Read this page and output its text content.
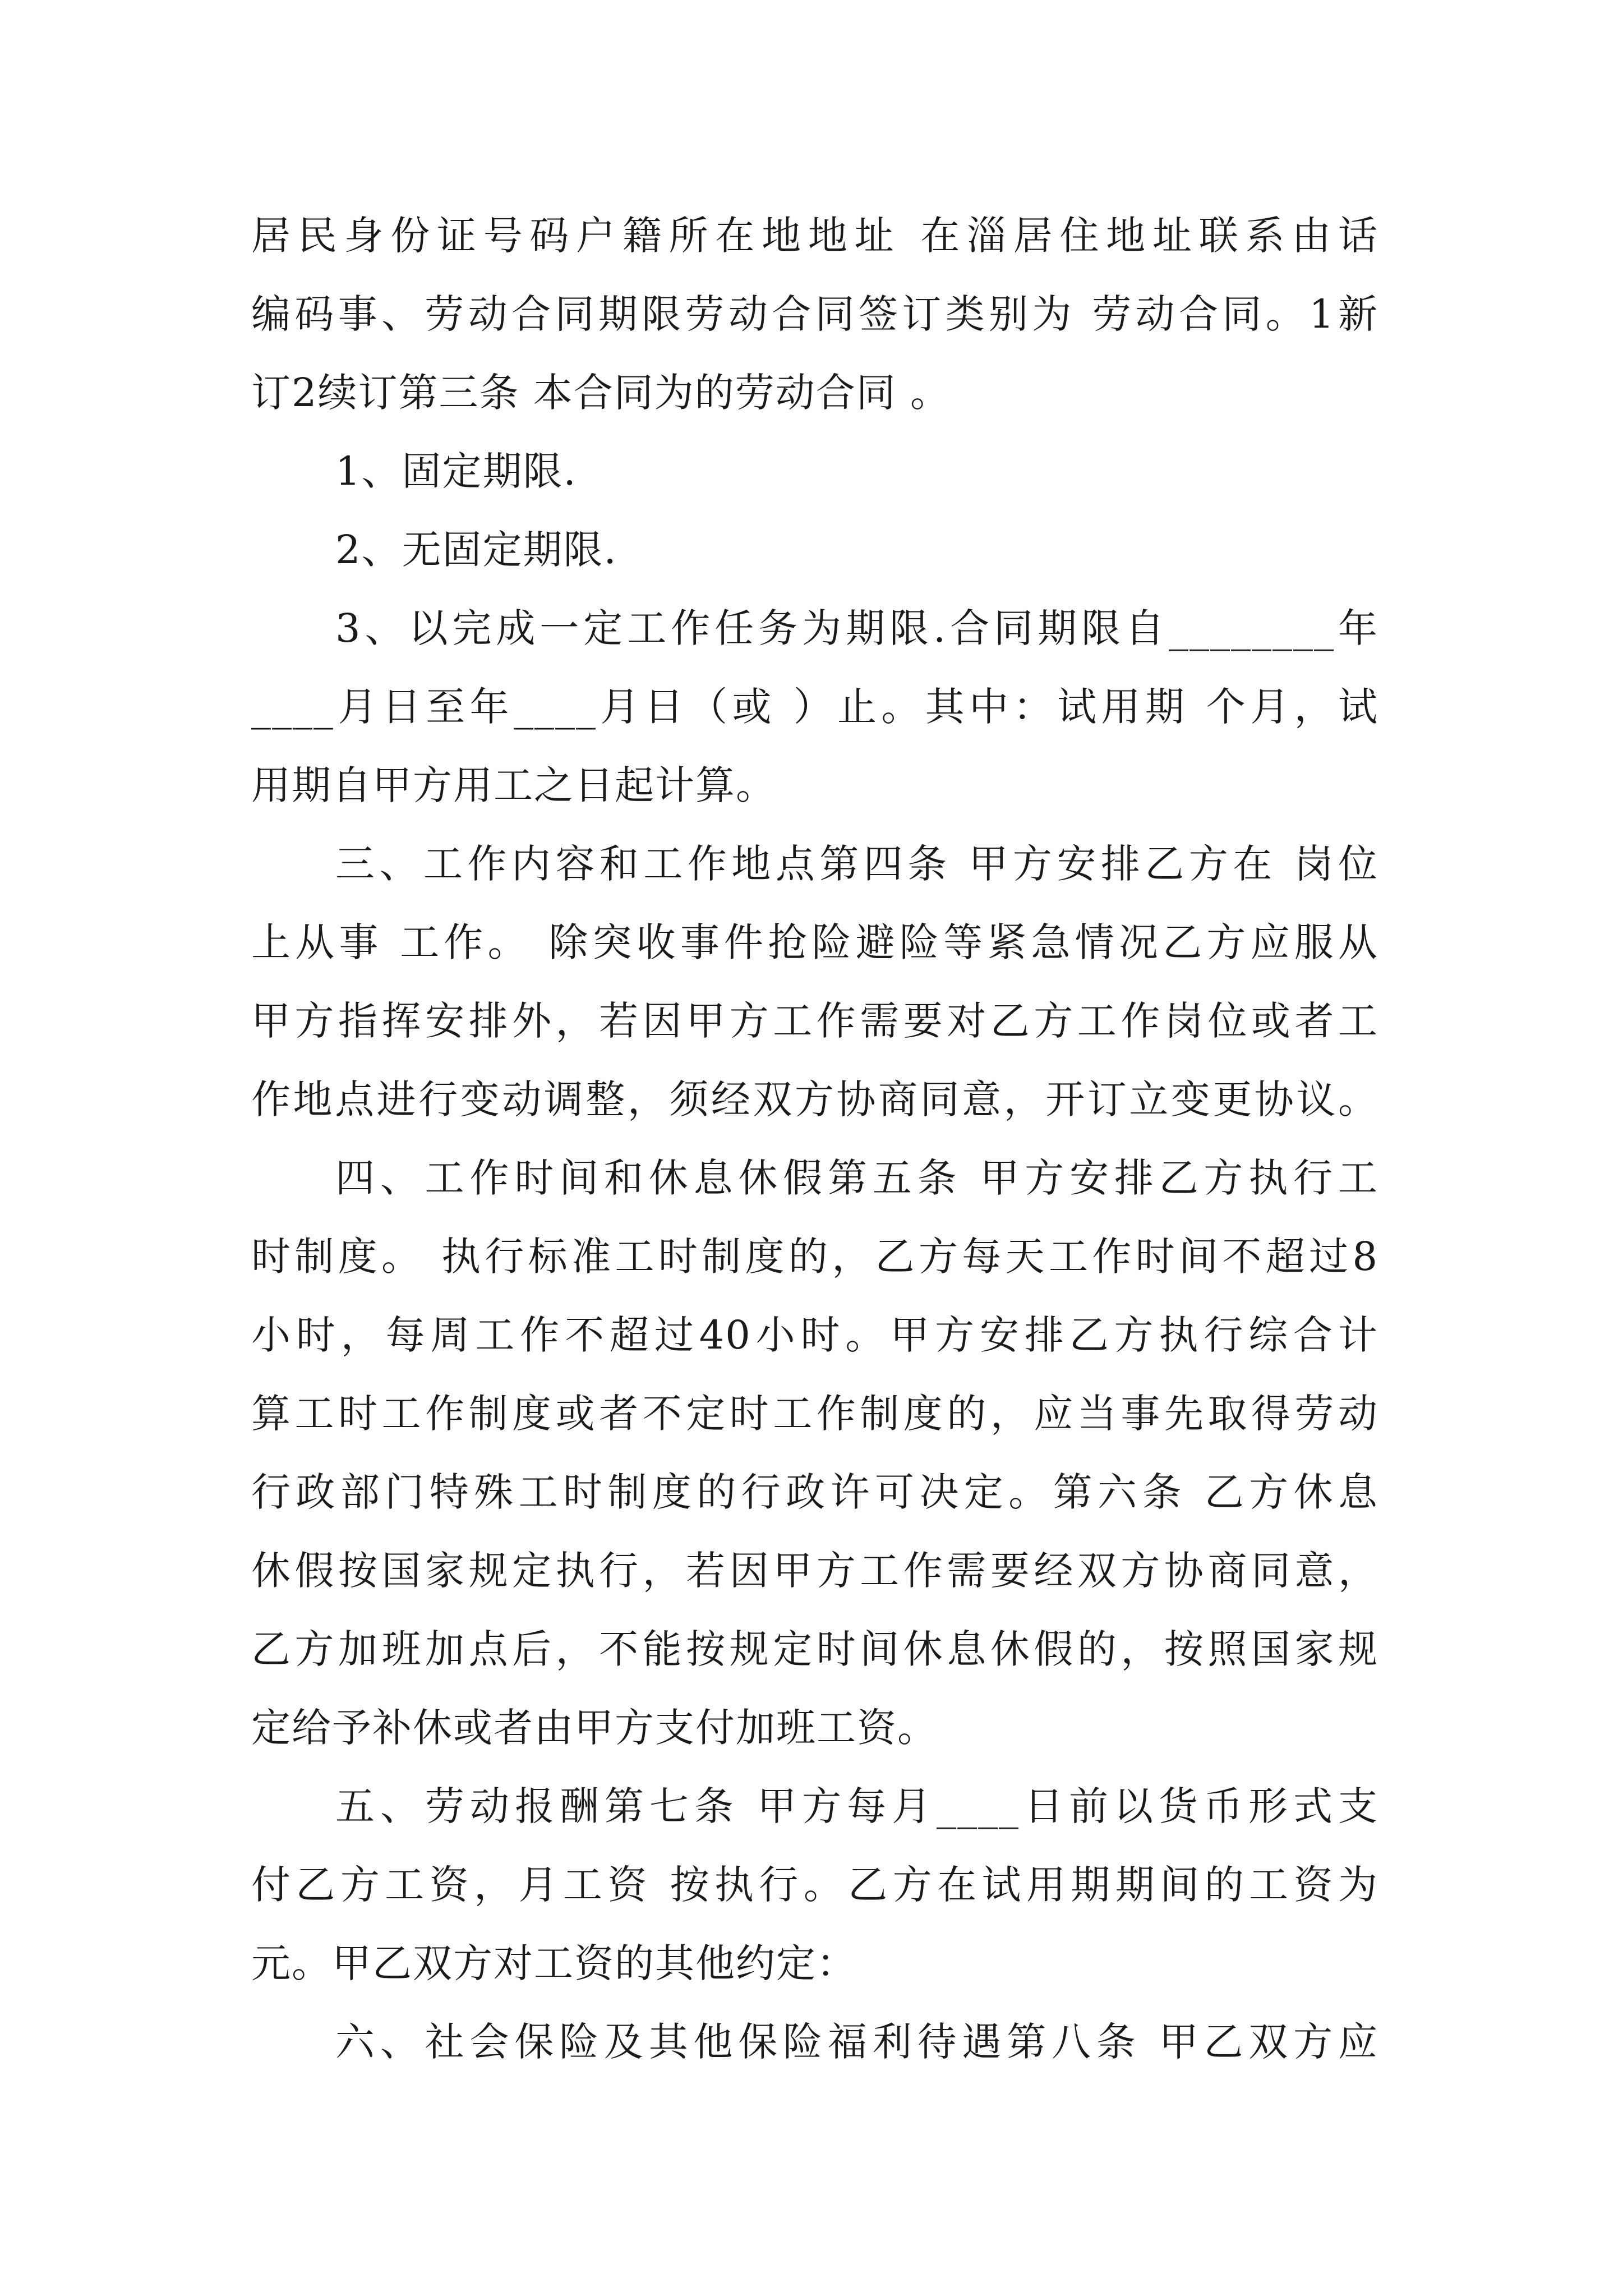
居民身份证号码户籍所在地地址 在淄居住地址联系由话
编码事、劳动合同期限劳动合同签订类别为 劳动合同。1新
订2续订第三条 本合同为的劳动合同 。
1、固定期限.
2、无固定期限.
3、以完成一定工作任务为期限.合同期限自________年
____月日至年____月日（或 ）止。其中：试用期 个月，试
用期自甲方用工之日起计算。
三、工作内容和工作地点第四条 甲方安排乙方在 岗位
上从事 工作。 除突收事件抢险避险等紧急情况乙方应服从
甲方指挥安排外，若因甲方工作需要对乙方工作岗位或者工
作地点进行变动调整，须经双方协商同意，开订立变更协议。
四、工作时间和休息休假第五条 甲方安排乙方执行工
时制度。 执行标准工时制度的，乙方每天工作时间不超过8
小时，每周工作不超过40小时。甲方安排乙方执行综合计
算工时工作制度或者不定时工作制度的，应当事先取得劳动
行政部门特殊工时制度的行政许可决定。第六条 乙方休息
休假按国家规定执行，若因甲方工作需要经双方协商同意，
乙方加班加点后，不能按规定时间休息休假的，按照国家规
定给予补休或者由甲方支付加班工资。
五、劳动报酬第七条 甲方每月____日前以货币形式支
付乙方工资，月工资 按执行。乙方在试用期期间的工资为
元。甲乙双方对工资的其他约定：
六、社会保险及其他保险福利待遇第八条 甲乙双方应
